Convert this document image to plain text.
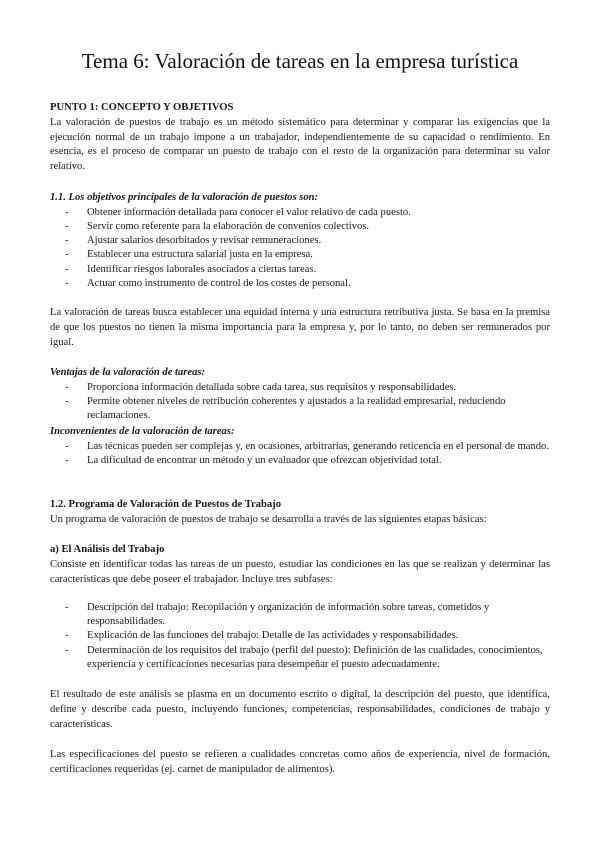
Tema 6: Valoración de tareas en la empresa turística

PUNTO 1: CONCEPTO Y OBJETIVOS

La valoración de puestos de trabajo es un método sistemático para determinar y comparar las exigencias que la ejecución normal de un trabajo impone a un trabajador, independientemente de su capacidad o rendimiento. En esencia, es el proceso de comparar un puesto de trabajo con el resto de la organización para determinar su valor relativo.

1.1. Los objetivos principales de la valoración de puestos son:

- Obtener información detallada para conocer el valor relativo de cada puesto.
- Servir como referente para la elaboración de convenios colectivos.
- Ajustar salarios desorbitados y revisar remuneraciones.
- Establecer una estructura salarial justa en la empresa.
- Identificar riesgos laborales asociados a ciertas tareas.
- Actuar como instrumento de control de los costes de personal.

La valoración de tareas busca establecer una equidad interna y una estructura retributiva justa. Se basa en la premisa de que los puestos no tienen la misma importancia para la empresa y, por lo tanto, no deben ser remunerados por igual.

Ventajas de la valoración de tareas:

- Proporciona información detallada sobre cada tarea, sus requisitos y responsabilidades.
- Permite obtener niveles de retribución coherentes y ajustados a la realidad empresarial, reduciendo reclamaciones.

Inconvenientes de la valoración de tareas:

- Las técnicas pueden ser complejas y, en ocasiones, arbitrarias, generando reticencia en el personal de mando.
- La dificultad de encontrar un método y un evaluador que ofrezcan objetividad total.

1.2. Programa de Valoración de Puestos de Trabajo

Un programa de valoración de puestos de trabajo se desarrolla a través de las siguientes etapas básicas:

a) El Análisis del Trabajo

Consiste en identificar todas las tareas de un puesto, estudiar las condiciones en las que se realizan y determinar las características que debe poseer el trabajador. Incluye tres subfases:

- Descripción del trabajo: Recopilación y organización de información sobre tareas, cometidos y responsabilidades.
- Explicación de las funciones del trabajo: Detalle de las actividades y responsabilidades.
- Determinación de los requisitos del trabajo (perfil del puesto): Definición de las cualidades, conocimientos, experiencia y certificaciones necesarias para desempeñar el puesto adecuadamente.

El resultado de este análisis se plasma en un documento escrito o digital, la descripción del puesto, que identifica, define y describe cada puesto, incluyendo funciones, competencias, responsabilidades, condiciones de trabajo y características.

Las especificaciones del puesto se refieren a cualidades concretas como años de experiencia, nivel de formación, certificaciones requeridas (ej. carnet de manipulador de alimentos).
